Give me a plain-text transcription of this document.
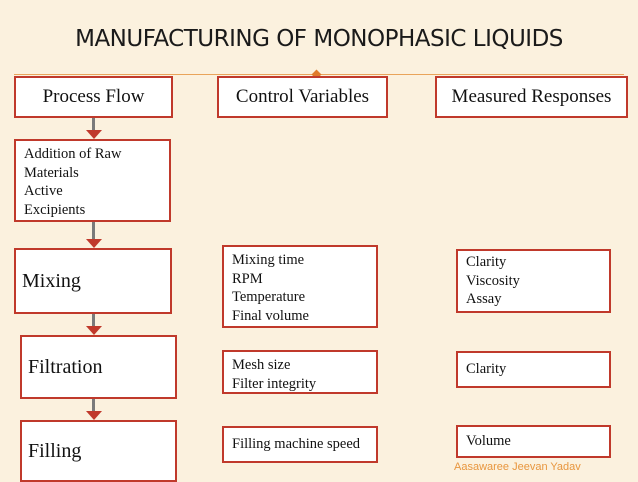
MANUFACTURING OF MONOPHASIC LIQUIDS
Process Flow	Control Variables	Measured Responses
Addition of Raw
Materials
Active
Excipients
Mixing
Filtration
Filling
Mixing time
RPM
Temperature
Final volume
Mesh size
Filter integrity
Filling machine speed
Clarity
Viscosity
Assay
Clarity
Volume
Aasawaree Jeevan Yadav
